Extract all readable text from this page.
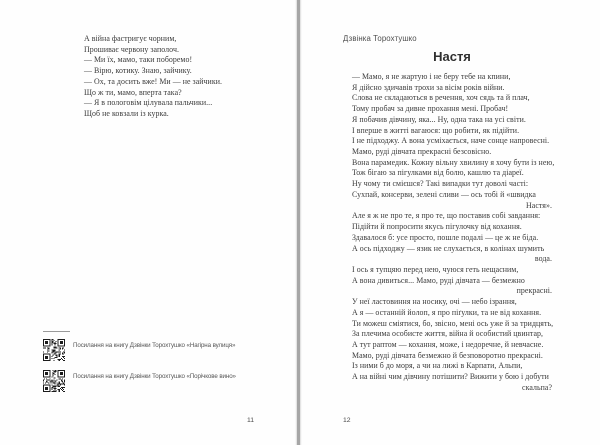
А війна фастригує чорним,
Прошиває червону заполоч.
— Ми їх, мамо, таки поборемо!
— Вірю, котику. Знаю, зайчику.
— Ох, та досить вже! Ми — не зайчики.
Що ж ти, мамо, вперта така?
— Я в пологовім цілувала пальчики...
Щоб не ковзали із курка.
Посилання на книгу Дзвінки Торохтушко «Нагірна вулиця»
Посилання на книгу Дзвінки Торохтушко «Порічкове вино»
11
Дзвінка Торохтушко
Настя
— Мамо, я не жартую і не беру тебе на кпини,
Я дійсно здичавів трохи за вісім років війни.
Слова не складаються в речення, хоч сядь та й плач,
Тому пробач за дивне прохання мені. Пробач!
Я побачив дівчину, яка... Ну, одна така на усі світи.
І вперше в житті вагаюся: що робити, як підійти.
І не підходжу. А вона усміхається, наче сонце напровесні.
Мамо, руді дівчата прекрасні безсовісно.
Вона парамедик. Кожну вільну хвилину я хочу бути із нею,
Тож бігаю за пігулками від болю, кашлю та діареї.
Ну чому ти смієшся? Такі випадки тут доволі часті:
Сухпай, консерви, зелені сливи — ось тобі й «швидка
Настя».
Але я ж не про те, я про те, що поставив собі завдання:
Підійти й попросити якусь пігулочку від кохання.
Здавалося б: усе просто, пошле подалі — це ж не біда.
А ось підходжу — язик не слухається, в колінах шумить
вода.
І ось я тупцяю перед нею, чуюся геть нещасним,
А вона дивиться... Мамо, руді дівчата — безмежно
прекрасні.
У неї ластовиння на носику, очі — небо ізрання,
А я — останній йолоп, я про піґулки, та не від кохання.
Ти можеш сміятися, бо, звісно, мені ось уже й за тридцять,
За плечима особисте життя, війна й особистий цвинтар,
А тут раптом — кохання, може, і недоречне, й невчасне.
Мамо, руді дівчата безмежно й безповоротно прекрасні.
Із ними б до моря, а чи на лижі в Карпати, Альпи,
А на війні чим дівчину потішити? Вижити у бою і добути
скальпа?
12
